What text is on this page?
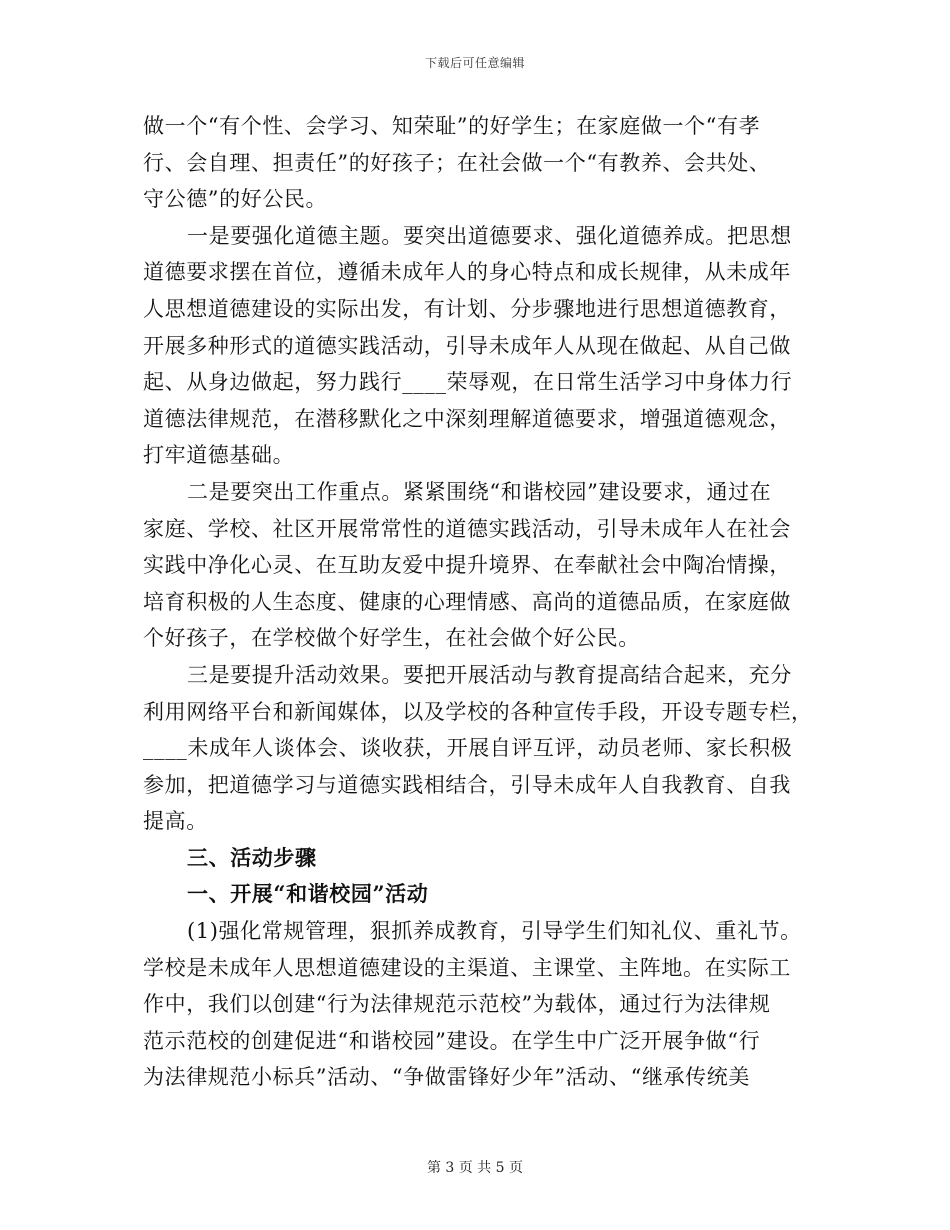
下载后可任意编辑
做一个“有个性、会学习、知荣耻”的好学生；在家庭做一个“有孝
行、会自理、担责任”的好孩子；在社会做一个“有教养、会共处、
守公德”的好公民。
一是要强化道德主题。要突出道德要求、强化道德养成。把思想
道德要求摆在首位，遵循未成年人的身心特点和成长规律，从未成年
人思想道德建设的实际出发，有计划、分步骤地进行思想道德教育，
开展多种形式的道德实践活动，引导未成年人从现在做起、从自己做
起、从身边做起，努力践行____荣辱观，在日常生活学习中身体力行
道德法律规范，在潜移默化之中深刻理解道德要求，增强道德观念，
打牢道德基础。
二是要突出工作重点。紧紧围绕“和谐校园”建设要求，通过在
家庭、学校、社区开展常常性的道德实践活动，引导未成年人在社会
实践中净化心灵、在互助友爱中提升境界、在奉献社会中陶冶情操，
培育积极的人生态度、健康的心理情感、高尚的道德品质，在家庭做
个好孩子，在学校做个好学生，在社会做个好公民。
三是要提升活动效果。要把开展活动与教育提高结合起来，充分
利用网络平台和新闻媒体，以及学校的各种宣传手段，开设专题专栏，
____未成年人谈体会、谈收获，开展自评互评，动员老师、家长积极
参加，把道德学习与道德实践相结合，引导未成年人自我教育、自我
提高。
三、活动步骤
一、开展“和谐校园”活动
(1)强化常规管理，狠抓养成教育，引导学生们知礼仪、重礼节。
学校是未成年人思想道德建设的主渠道、主课堂、主阵地。在实际工
作中，我们以创建“行为法律规范示范校”为载体，通过行为法律规
范示范校的创建促进“和谐校园”建设。在学生中广泛开展争做“行
为法律规范小标兵”活动、“争做雷锋好少年”活动、“继承传统美
第 3 页 共 5 页
